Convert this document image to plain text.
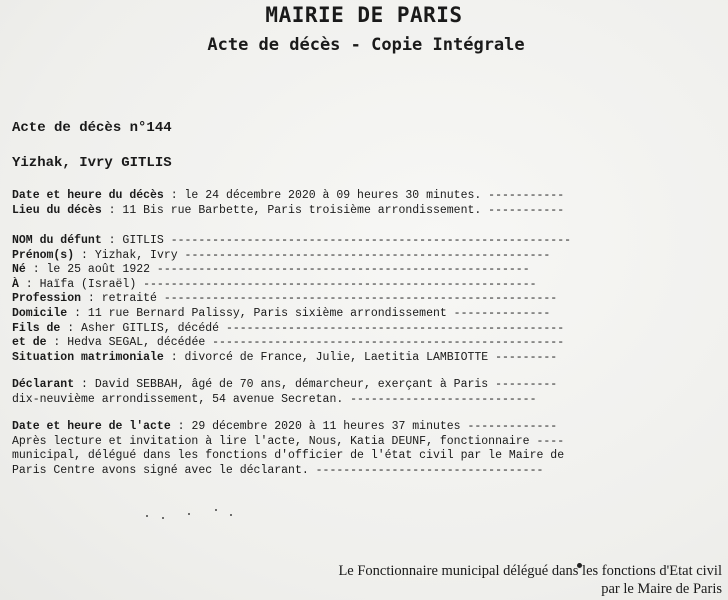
MAIRIE DE PARIS
Acte de décès - Copie Intégrale
Acte de décès n°144
Yizhak, Ivry GITLIS
Date et heure du décès : le 24 décembre 2020 à 09 heures 30 minutes. -----------
Lieu du décès : 11 Bis rue Barbette, Paris troisième arrondissement. -----------
NOM du défunt : GITLIS ----------------------------------------------------------
Prénom(s) : Yizhak, Ivry -----------------------------------------------------
Né : le 25 août 1922 ------------------------------------------------------
À : Haïfa (Israël) ---------------------------------------------------------
Profession : retraité ---------------------------------------------------------
Domicile : 11 rue Bernard Palissy, Paris sixième arrondissement --------------
Fils de : Asher GITLIS, décédé -------------------------------------------------
et de : Hedva SEGAL, décédée ---------------------------------------------------
Situation matrimoniale : divorcé de France, Julie, Laetitia LAMBIOTTE ---------
Déclarant : David SEBBAH, âgé de 70 ans, démarcheur, exerçant à Paris ---------
dix-neuvième arrondissement, 54 avenue Secretan. ---------------------------
Date et heure de l'acte : 29 décembre 2020 à 11 heures 37 minutes -------------
Après lecture et invitation à lire l'acte, Nous, Katia DEUNF, fonctionnaire ----
municipal, délégué dans les fonctions d'officier de l'état civil par le Maire de
Paris Centre avons signé avec le déclarant. ---------------------------------
Le Fonctionnaire municipal délégué dans les fonctions d'Etat civil
par le Maire de Paris
